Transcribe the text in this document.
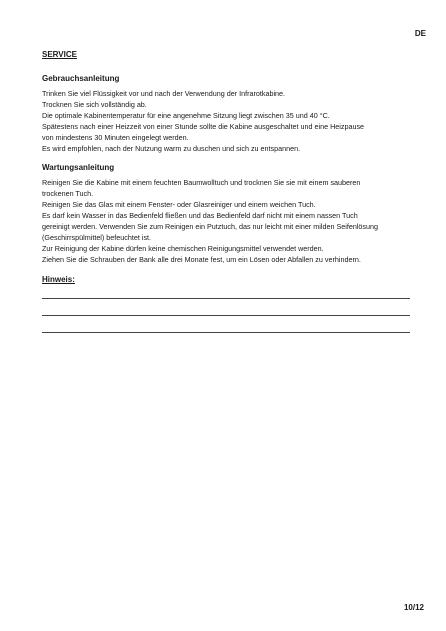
DE
SERVICE
Gebrauchsanleitung
Trinken Sie viel Flüssigkeit vor und nach der Verwendung der Infrarotkabine.
Trocknen Sie sich vollständig ab.
Die optimale Kabinentemperatur für eine angenehme Sitzung liegt zwischen 35 und 40 °C.
Spätestens nach einer Heizzeit von einer Stunde sollte die Kabine ausgeschaltet und eine Heizpause
von mindestens 30 Minuten eingelegt werden.
Es wird empfohlen, nach der Nutzung warm zu duschen und sich zu entspannen.
Wartungsanleitung
Reinigen Sie die Kabine mit einem feuchten Baumwolltuch und trocknen Sie sie mit einem sauberen
trockenen Tuch.
Reinigen Sie das Glas mit einem Fenster- oder Glasreiniger und einem weichen Tuch.
Es darf kein Wasser in das Bedienfeld fließen und das Bedienfeld darf nicht mit einem nassen Tuch
gereinigt werden. Verwenden Sie zum Reinigen ein Putztuch, das nur leicht mit einer milden Seifenlösung
(Geschirrspülmittel) befeuchtet ist.
Zur Reinigung der Kabine dürfen keine chemischen Reinigungsmittel verwendet werden.
Ziehen Sie die Schrauben der Bank alle drei Monate fest, um ein Lösen oder Abfallen zu verhindern.
Hinweis:
10/12
